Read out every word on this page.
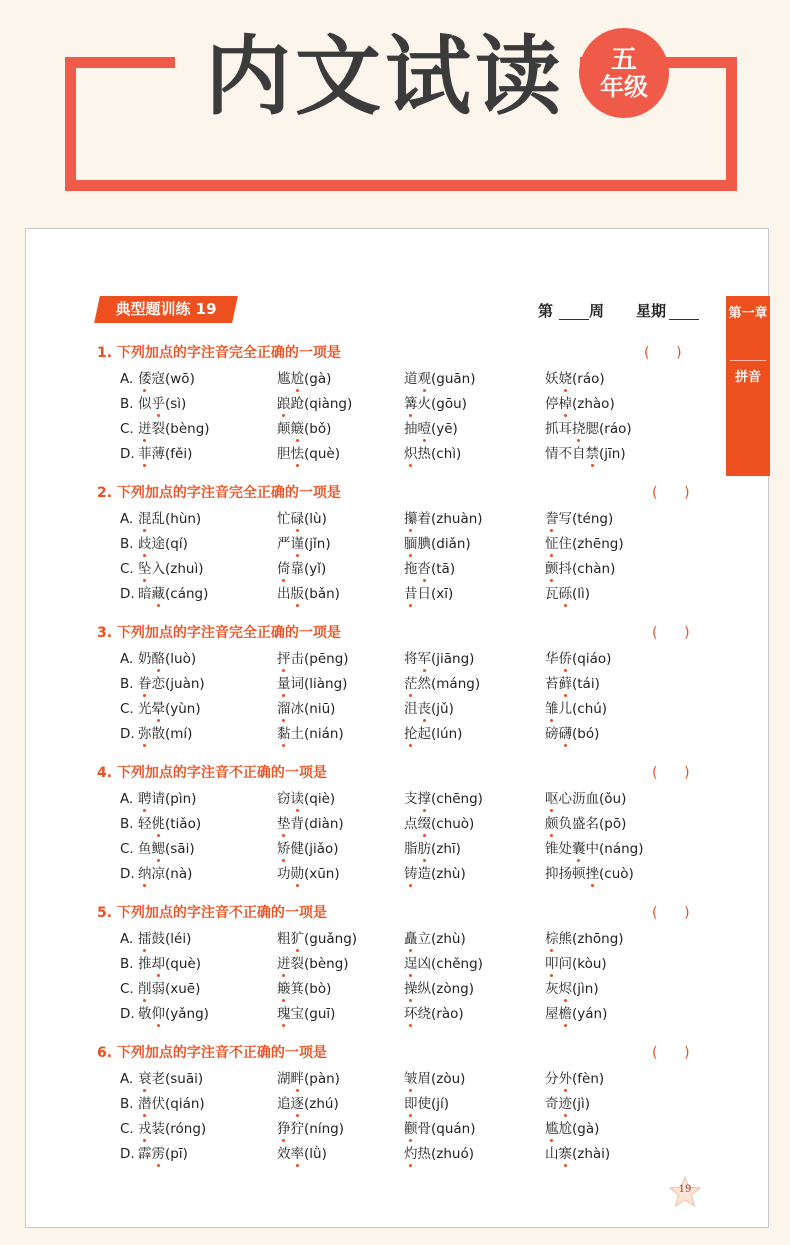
内文试读	五
年级
第一章
拼音
典型题训练 19	第 周 星期
1. 下列加点的字注音完全正确的一项是	(      )
A. 倭寇(wō)	尴尬(gà)	道观(guān)	妖娆(ráo)
B. 似乎(sì)	踉跄(qiàng)	篝火(gōu)	停棹(zhào)
C. 迸裂(bèng)	颠簸(bǒ)	抽噎(yē)	抓耳挠腮(ráo)
D. 菲薄(fěi)	胆怯(què)	炽热(chì)	情不自禁(jīn)
2. 下列加点的字注音完全正确的一项是	(      )
A. 混乱(hùn)	忙碌(lù)	攥着(zhuàn)	誊写(téng)
B. 歧途(qí)	严谨(jǐn)	腼腆(diǎn)	怔住(zhēng)
C. 坠入(zhuì)	倚靠(yǐ)	拖沓(tā)	颤抖(chàn)
D. 暗藏(cáng)	出版(bǎn)	昔日(xī)	瓦砾(lì)
3. 下列加点的字注音完全正确的一项是	(      )
A. 奶酪(luò)	抨击(pēng)	将军(jiāng)	华侨(qiáo)
B. 眷恋(juàn)	量词(liàng)	茫然(máng)	苔藓(tái)
C. 光晕(yùn)	溜冰(niū)	沮丧(jǔ)	雏儿(chú)
D. 弥散(mí)	黏土(nián)	抡起(lún)	磅礴(bó)
4. 下列加点的字注音不正确的一项是	(      )
A. 聘请(pìn)	窃读(qiè)	支撑(chēng)	呕心沥血(ǒu)
B. 轻佻(tiǎo)	垫背(diàn)	点缀(chuò)	颇负盛名(pō)
C. 鱼鳃(sāi)	矫健(jiǎo)	脂肪(zhī)	锥处囊中(náng)
D. 纳凉(nà)	功勋(xūn)	铸造(zhù)	抑扬顿挫(cuò)
5. 下列加点的字注音不正确的一项是	(      )
A. 擂鼓(léi)	粗犷(guǎng)	矗立(zhù)	棕熊(zhōng)
B. 推却(què)	迸裂(bèng)	逞凶(chěng)	叩问(kòu)
C. 削弱(xuē)	簸箕(bò)	操纵(zòng)	灰烬(jìn)
D. 敬仰(yǎng)	瑰宝(guī)	环绕(rào)	屋檐(yán)
6. 下列加点的字注音不正确的一项是	(      )
A. 衰老(suāi)	湖畔(pàn)	皱眉(zòu)	分外(fèn)
B. 潜伏(qián)	追逐(zhú)	即使(jí)	奇迹(jì)
C. 戎装(róng)	狰狞(níng)	颧骨(quán)	尴尬(gà)
D. 霹雳(pī)	效率(lǜ)	灼热(zhuó)	山寨(zhài)
19
